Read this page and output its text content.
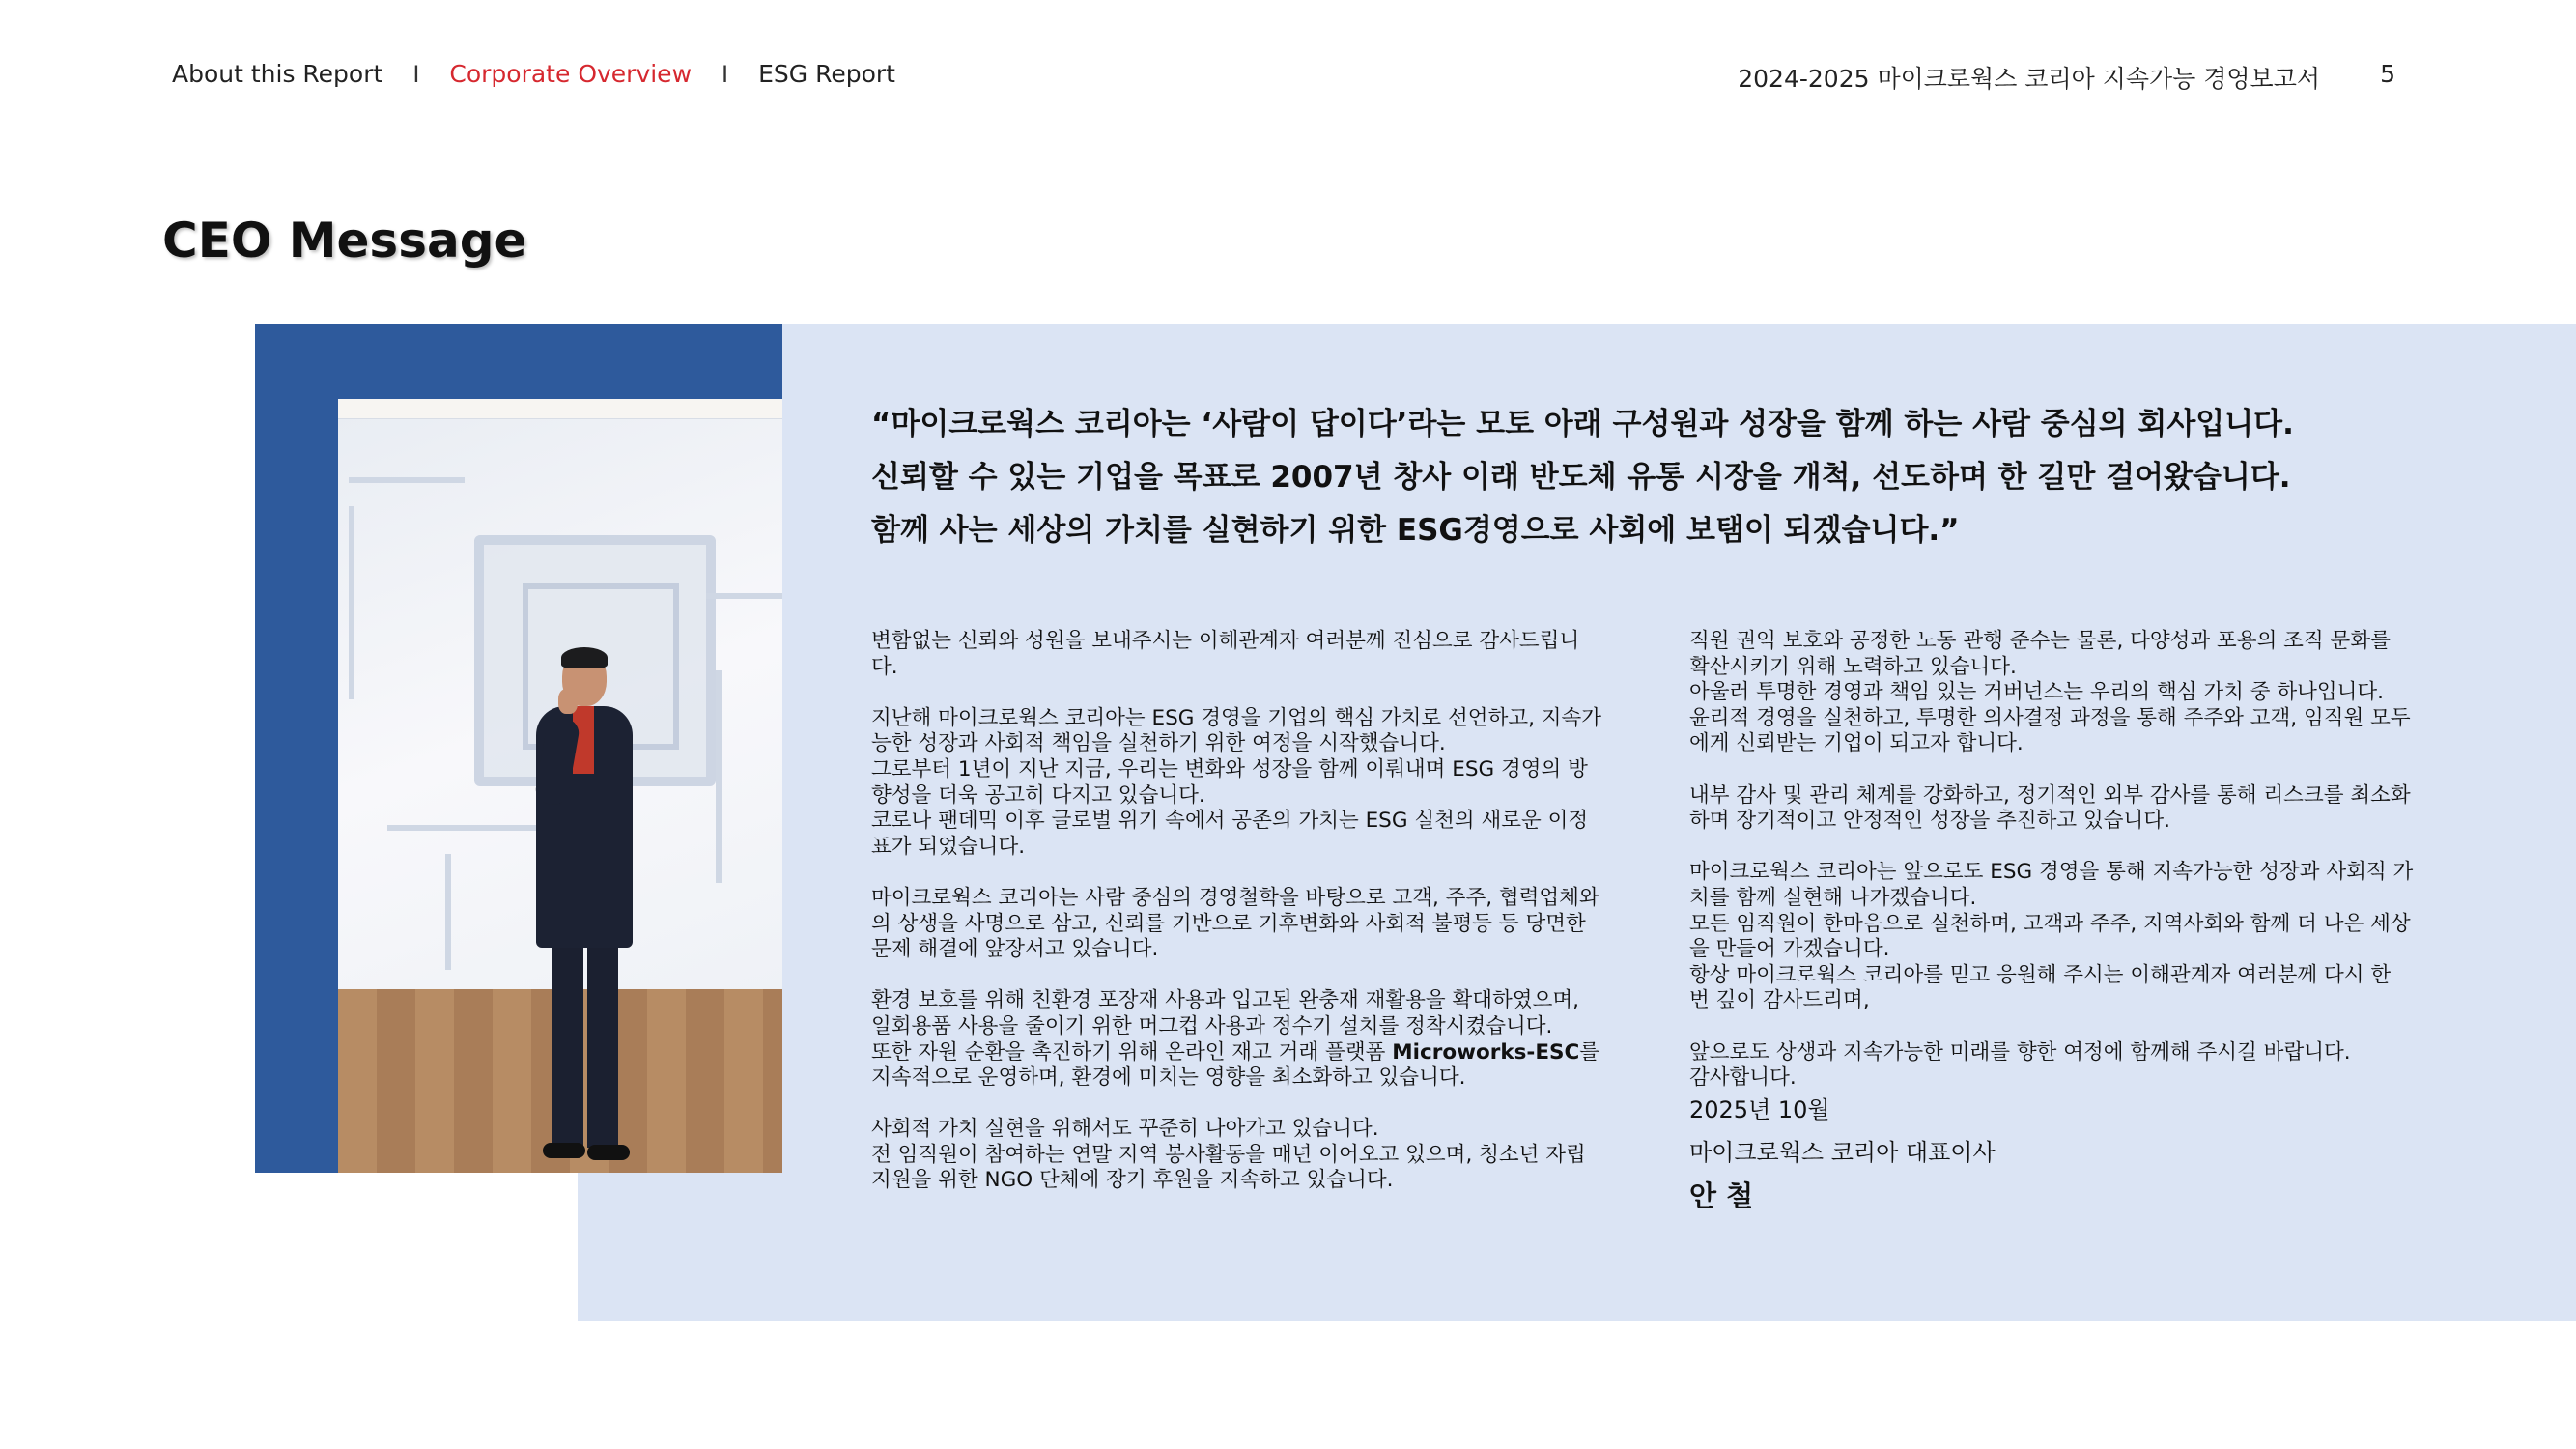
About this Report I Corporate Overview I ESG Report	2024-2025 마이크로웍스 코리아 지속가능 경영보고서 5
CEO Message

“마이크로웍스 코리아는 ‘사람이 답이다’라는 모토 아래 구성원과 성장을 함께 하는 사람 중심의 회사입니다.

신뢰할 수 있는 기업을 목표로 2007년 창사 이래 반도체 유통 시장을 개척, 선도하며 한 길만 걸어왔습니다.

함께 사는 세상의 가치를 실현하기 위한 ESG경영으로 사회에 보탬이 되겠습니다.”

변함없는 신뢰와 성원을 보내주시는 이해관계자 여러분께 진심으로 감사드립니다.

지난해 마이크로웍스 코리아는 ESG 경영을 기업의 핵심 가치로 선언하고, 지속가능한 성장과 사회적 책임을 실천하기 위한 여정을 시작했습니다.

그로부터 1년이 지난 지금, 우리는 변화와 성장을 함께 이뤄내며 ESG 경영의 방향성을 더욱 공고히 다지고 있습니다.

코로나 팬데믹 이후 글로벌 위기 속에서 공존의 가치는 ESG 실천의 새로운 이정표가 되었습니다.

마이크로웍스 코리아는 사람 중심의 경영철학을 바탕으로 고객, 주주, 협력업체와의 상생을 사명으로 삼고, 신뢰를 기반으로 기후변화와 사회적 불평등 등 당면한 문제 해결에 앞장서고 있습니다.

환경 보호를 위해 친환경 포장재 사용과 입고된 완충재 재활용을 확대하였으며, 일회용품 사용을 줄이기 위한 머그컵 사용과 정수기 설치를 정착시켰습니다.

또한 자원 순환을 촉진하기 위해 온라인 재고 거래 플랫폼 Microworks-ESC를 지속적으로 운영하며, 환경에 미치는 영향을 최소화하고 있습니다.

사회적 가치 실현을 위해서도 꾸준히 나아가고 있습니다.

전 임직원이 참여하는 연말 지역 봉사활동을 매년 이어오고 있으며, 청소년 자립 지원을 위한 NGO 단체에 장기 후원을 지속하고 있습니다.

직원 권익 보호와 공정한 노동 관행 준수는 물론, 다양성과 포용의 조직 문화를 확산시키기 위해 노력하고 있습니다.

아울러 투명한 경영과 책임 있는 거버넌스는 우리의 핵심 가치 중 하나입니다.

윤리적 경영을 실천하고, 투명한 의사결정 과정을 통해 주주와 고객, 임직원 모두에게 신뢰받는 기업이 되고자 합니다.

내부 감사 및 관리 체계를 강화하고, 정기적인 외부 감사를 통해 리스크를 최소화하며 장기적이고 안정적인 성장을 추진하고 있습니다.

마이크로웍스 코리아는 앞으로도 ESG 경영을 통해 지속가능한 성장과 사회적 가치를 함께 실현해 나가겠습니다.

모든 임직원이 한마음으로 실천하며, 고객과 주주, 지역사회와 함께 더 나은 세상을 만들어 가겠습니다.

항상 마이크로웍스 코리아를 믿고 응원해 주시는 이해관계자 여러분께 다시 한 번 깊이 감사드리며,

앞으로도 상생과 지속가능한 미래를 향한 여정에 함께해 주시길 바랍니다.

감사합니다.

2025년 10월
마이크로웍스 코리아 대표이사
안 철
